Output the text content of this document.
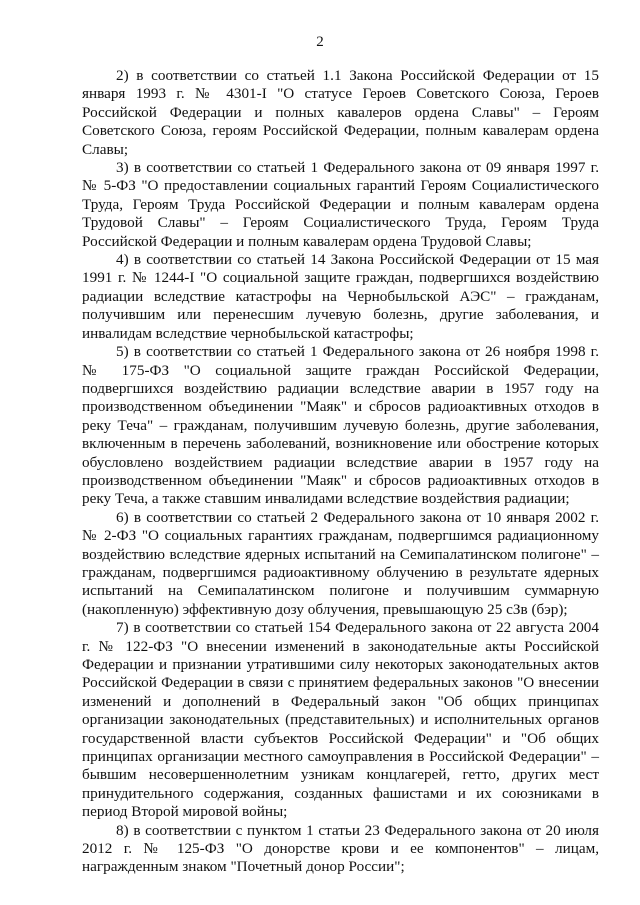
2

2) в соответствии со статьей 1.1 Закона Российской Федерации от 15 января 1993 г. № 4301-I "О статусе Героев Советского Союза, Героев Российской Федерации и полных кавалеров ордена Славы" – Героям Советского Союза, героям Российской Федерации, полным кавалерам ордена Славы;

3) в соответствии со статьей 1 Федерального закона от 09 января 1997 г. № 5-ФЗ "О предоставлении социальных гарантий Героям Социалистического Труда, Героям Труда Российской Федерации и полным кавалерам ордена Трудовой Славы" – Героям Социалистического Труда, Героям Труда Российской Федерации и полным кавалерам ордена Трудовой Славы;

4) в соответствии со статьей 14 Закона Российской Федерации от 15 мая 1991 г. № 1244-I "О социальной защите граждан, подвергшихся воздействию радиации вследствие катастрофы на Чернобыльской АЭС" – гражданам, получившим или перенесшим лучевую болезнь, другие заболевания, и инвалидам вследствие чернобыльской катастрофы;

5) в соответствии со статьей 1 Федерального закона от 26 ноября 1998 г. № 175-ФЗ "О социальной защите граждан Российской Федерации, подвергшихся воздействию радиации вследствие аварии в 1957 году на производственном объединении "Маяк" и сбросов радиоактивных отходов в реку Теча" – гражданам, получившим лучевую болезнь, другие заболевания, включенным в перечень заболеваний, возникновение или обострение которых обусловлено воздействием радиации вследствие аварии в 1957 году на производственном объединении "Маяк" и сбросов радиоактивных отходов в реку Теча, а также ставшим инвалидами вследствие воздействия радиации;

6) в соответствии со статьей 2 Федерального закона от 10 января 2002 г. № 2-ФЗ "О социальных гарантиях гражданам, подвергшимся радиационному воздействию вследствие ядерных испытаний на Семипалатинском полигоне" – гражданам, подвергшимся радиоактивному облучению в результате ядерных испытаний на Семипалатинском полигоне и получившим суммарную (накопленную) эффективную дозу облучения, превышающую 25 сЗв (бэр);

7) в соответствии со статьей 154 Федерального закона от 22 августа 2004 г. № 122-ФЗ "О внесении изменений в законодательные акты Российской Федерации и признании утратившими силу некоторых законодательных актов Российской Федерации в связи с принятием федеральных законов "О внесении изменений и дополнений в Федеральный закон "Об общих принципах организации законодательных (представительных) и исполнительных органов государственной власти субъектов Российской Федерации" и "Об общих принципах организации местного самоуправления в Российской Федерации" – бывшим несовершеннолетним узникам концлагерей, гетто, других мест принудительного содержания, созданных фашистами и их союзниками в период Второй мировой войны;

8) в соответствии с пунктом 1 статьи 23 Федерального закона от 20 июля 2012 г. № 125-ФЗ "О донорстве крови и ее компонентов" – лицам, награжденным знаком "Почетный донор России";
